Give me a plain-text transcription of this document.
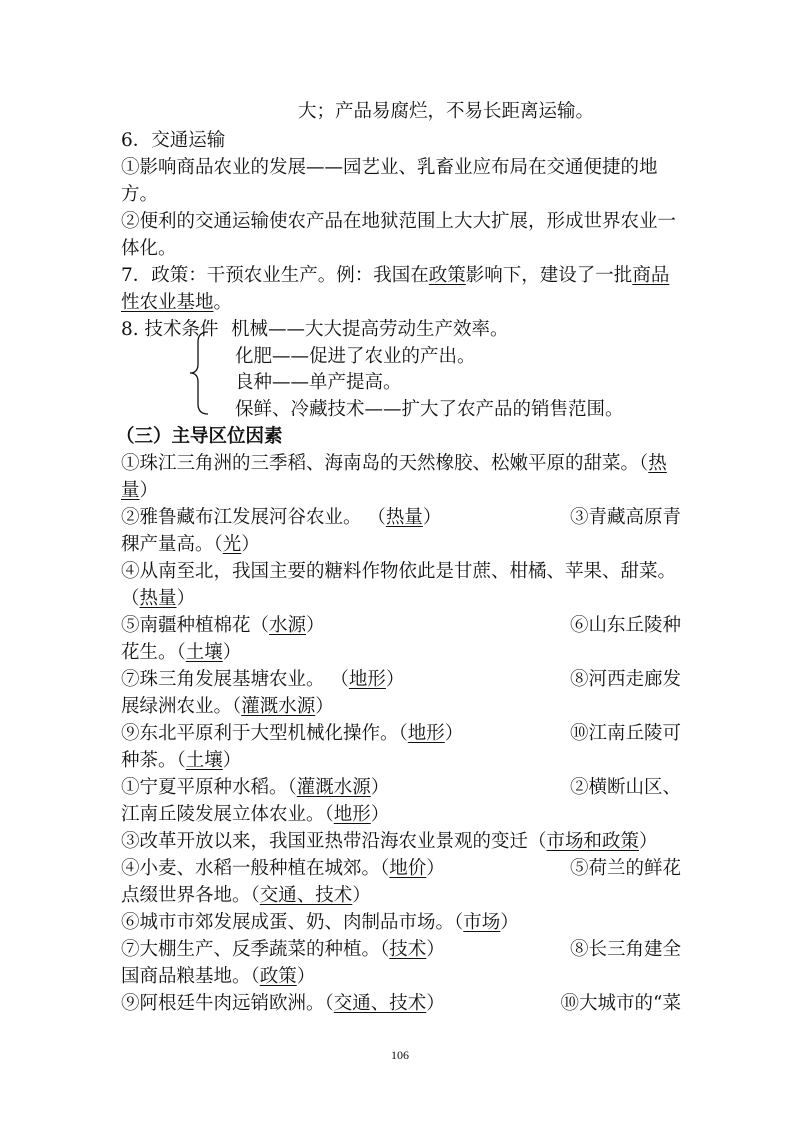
大；产品易腐烂，不易长距离运输。
6．交通运输
①影响商品农业的发展——园艺业、乳畜业应布局在交通便捷的地
方。
②便利的交通运输使农产品在地狱范围上大大扩展，形成世界农业一
体化。
7．政策：干预农业生产。例：我国在政策影响下，建设了一批商品
性农业基地。
8. 技术条件 机械——大大提高劳动生产效率。
化肥——促进了农业的产出。
良种——单产提高。
保鲜、冷藏技术——扩大了农产品的销售范围。
（三）主导区位因素
①珠江三角洲的三季稻、海南岛的天然橡胶、松嫩平原的甜菜。（热
量）
②雅鲁藏布江发展河谷农业。 （热量）	③青藏高原青
稞产量高。（光）
④从南至北，我国主要的糖料作物依此是甘蔗、柑橘、苹果、甜菜。
（热量）
⑤南疆种植棉花（水源）	⑥山东丘陵种
花生。（土壤）
⑦珠三角发展基塘农业。 （地形）	⑧河西走廊发
展绿洲农业。（灌溉水源）
⑨东北平原利于大型机械化操作。（地形）	⑩江南丘陵可
种茶。（土壤）
①宁夏平原种水稻。（灌溉水源）	②横断山区、
江南丘陵发展立体农业。（地形）
③改革开放以来，我国亚热带沿海农业景观的变迁（市场和政策）
④小麦、水稻一般种植在城郊。（地价）	⑤荷兰的鲜花
点缀世界各地。（交通、技术）
⑥城市市郊发展成蛋、奶、肉制品市场。（市场）
⑦大棚生产、反季蔬菜的种植。（技术）	⑧长三角建全
国商品粮基地。（政策）
⑨阿根廷牛肉远销欧洲。（交通、技术）	⑩大城市的“菜
106
